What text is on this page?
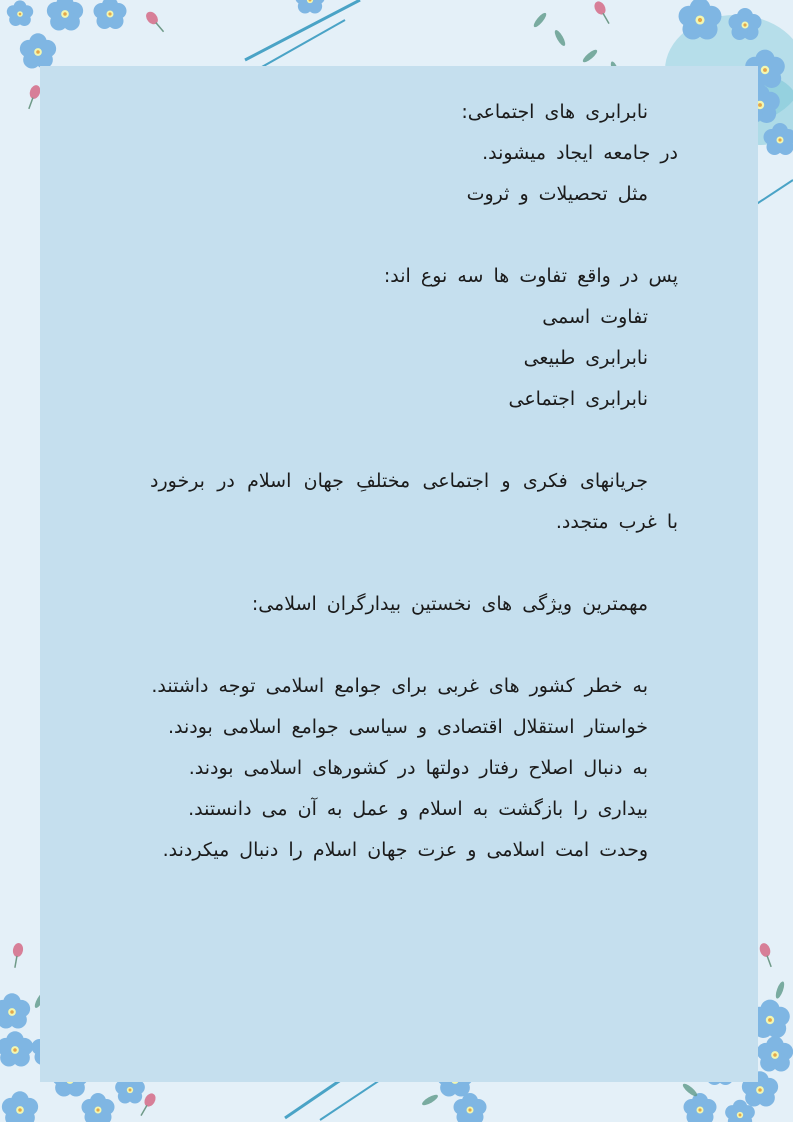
نابرابری های اجتماعی:
در جامعه ایجاد میشوند.
مثل تحصیلات و ثروت
پس در واقع تفاوت ها سه نوع اند:
تفاوت اسمی
نابرابری طبیعی
نابرابری اجتماعی
جریانهای فکری و اجتماعی مختلفِ جهان اسلام در برخورد با غرب متجدد.
مهمترین ویژگی های نخستین بیدارگران اسلامی:
به خطر کشور های غربی برای جوامع اسلامی توجه داشتند.
خواستار استقلال اقتصادی و سیاسی جوامع اسلامی بودند.
به دنبال اصلاح رفتار دولتها در کشورهای اسلامی بودند.
بیداری را بازگشت به اسلام و عمل به آن می دانستند.
وحدت امت اسلامی و عزت جهان اسلام را دنبال میکردند.
